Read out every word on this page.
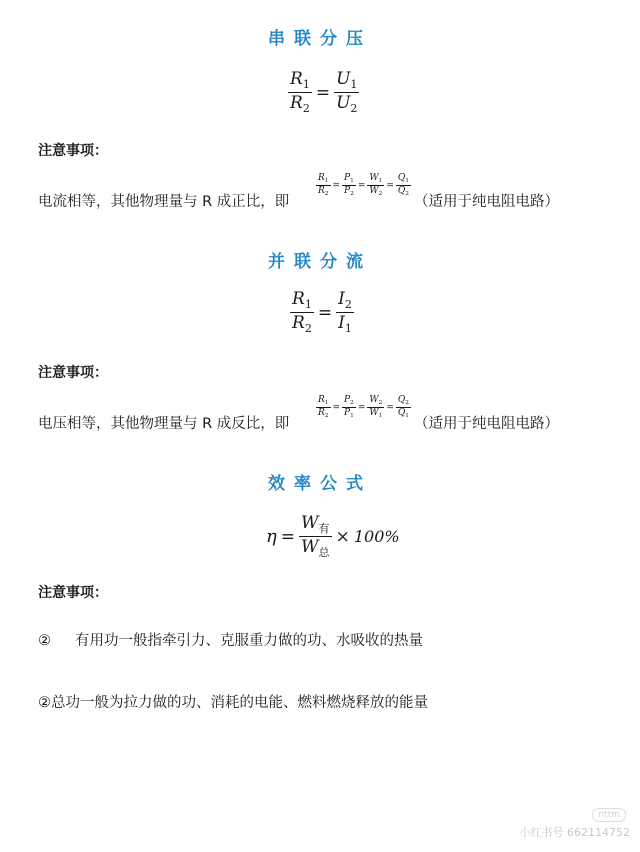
串联分压
$\frac{R_1}{R_2} = \frac{U_1}{U_2}$
注意事项：
电流相等，其他物理量与 R 成正比，即
$\frac{R_1}{R_2} = \frac{P_1}{P_2} = \frac{W_1}{W_2} = \frac{Q_1}{Q_2}$
（适用于纯电阻电路）
并联分流
$\frac{R_1}{R_2} = \frac{I_2}{I_1}$
注意事项：
电压相等，其他物理量与 R 成反比，即
$\frac{R_1}{R_2} = \frac{P_2}{P_1} = \frac{W_2}{W_1} = \frac{Q_2}{Q_1}$
（适用于纯电阻电路）
效率公式
$\eta = \frac{W_有}{W_总} \times 100\%$
注意事项：
② 有用功一般指牵引力、克服重力做的功、水吸收的热量
②总功一般为拉力做的功、消耗的电能、燃料燃烧释放的能量
nttm
小红书号 662114752
